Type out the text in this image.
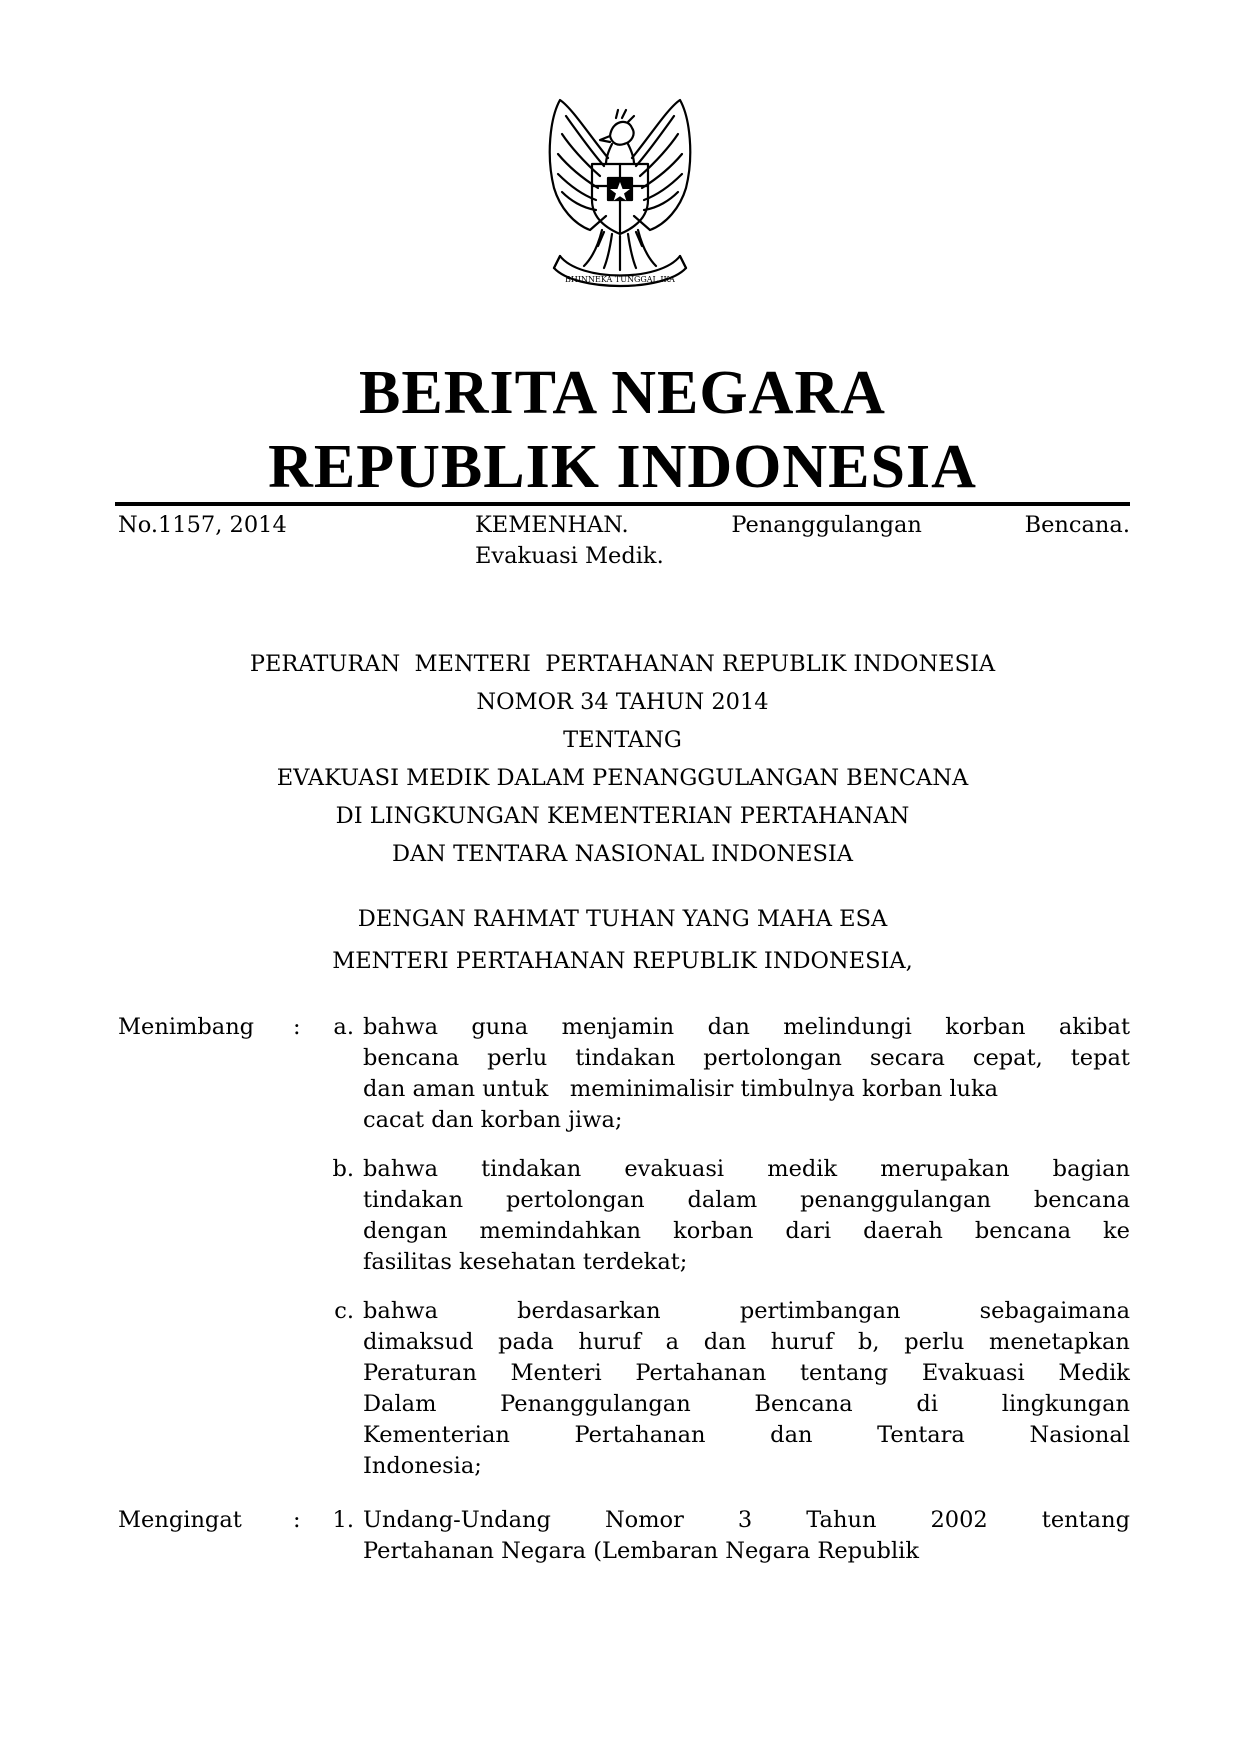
BHINNEKA TUNGGAL IKA
BERITA NEGARA
REPUBLIK INDONESIA
No.1157, 2014	KEMENHAN.	Penanggulangan	Bencana.
Evakuasi Medik.
PERATURAN  MENTERI  PERTAHANAN REPUBLIK INDONESIA
NOMOR 34 TAHUN 2014
TENTANG
EVAKUASI MEDIK DALAM PENANGGULANGAN BENCANA
DI LINGKUNGAN KEMENTERIAN PERTAHANAN
DAN TENTARA NASIONAL INDONESIA
DENGAN RAHMAT TUHAN YANG MAHA ESA
MENTERI PERTAHANAN REPUBLIK INDONESIA,
Menimbang :	a. bahwa guna menjamin dan melindungi korban akibat
bencana perlu tindakan pertolongan secara cepat, tepat
dan aman untuk   meminimalisir timbulnya korban luka
cacat dan korban jiwa;
b. bahwa tindakan evakuasi medik merupakan bagian
tindakan pertolongan dalam penanggulangan bencana
dengan memindahkan korban dari daerah bencana ke
fasilitas kesehatan terdekat;
c. bahwa	berdasarkan	pertimbangan	sebagaimana
dimaksud pada huruf a dan huruf b, perlu menetapkan
Peraturan Menteri Pertahanan tentang Evakuasi Medik
Dalam	Penanggulangan	Bencana	di	lingkungan
Kementerian	Pertahanan	dan	Tentara	Nasional
Indonesia;
Mengingat : 1. Undang-Undang Nomor 3 Tahun 2002 tentang
Pertahanan Negara (Lembaran Negara Republik
